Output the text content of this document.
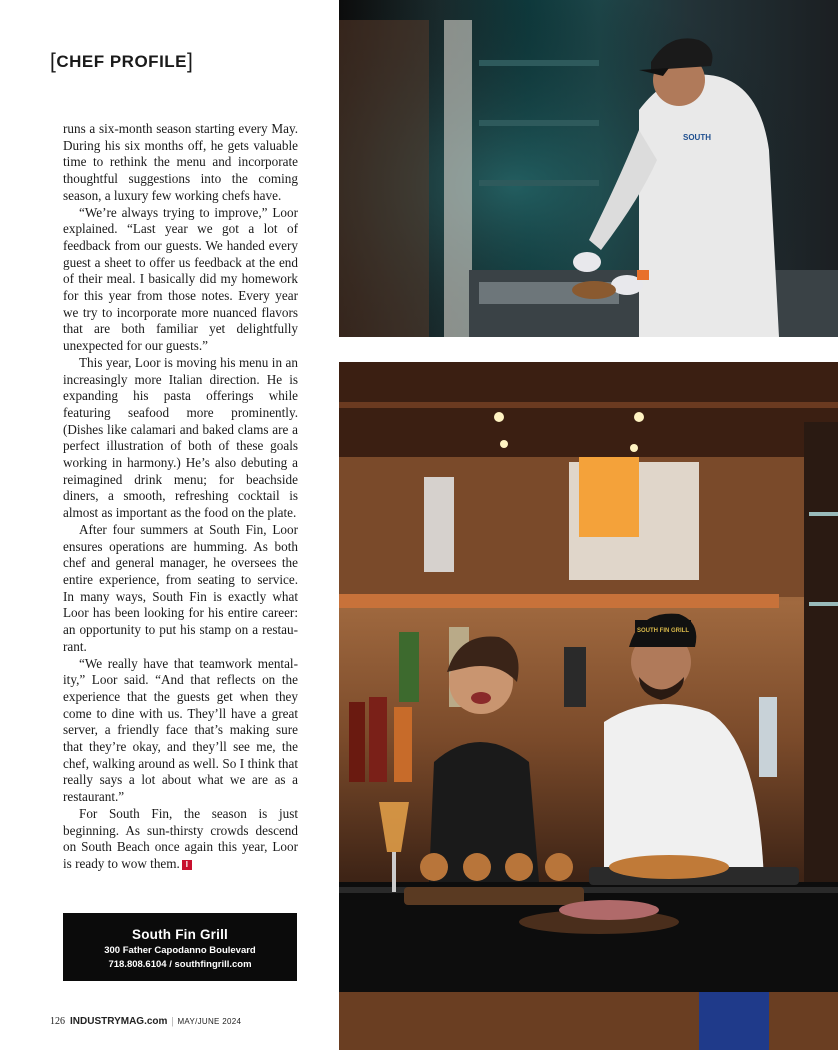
[CHEF PROFILE]

runs a six-month season starting every May. During his six months off, he gets valuable time to rethink the menu and incorporate thoughtful suggestions into the coming season, a luxury few working chefs have.

“We’re always trying to improve,” Loor explained. “Last year we got a lot of feedback from our guests. We handed every guest a sheet to offer us feedback at the end of their meal. I basically did my homework for this year from those notes. Every year we try to incorporate more nuanced flavors that are both familiar yet delightfully unexpected for our guests.”

This year, Loor is moving his menu in an increasingly more Italian direction. He is expanding his pasta offerings while featuring seafood more prominently. (Dishes like calamari and baked clams are a perfect illustration of both of these goals working in harmony.) He’s also debuting a reimagined drink menu; for beachside diners, a smooth, refreshing cocktail is almost as important as the food on the plate.

After four summers at South Fin, Loor ensures operations are humming. As both chef and general manager, he oversees the entire experience, from seating to service. In many ways, South Fin is exactly what Loor has been looking for his entire career: an opportunity to put his stamp on a restaurant.

“We really have that teamwork mentality,” Loor said. “And that reflects on the experience that the guests get when they come to dine with us. They’ll have a great server, a friendly face that’s making sure that they’re okay, and they’ll see me, the chef, walking around as well. So I think that really says a lot about what we are as a restaurant.”

For South Fin, the season is just beginning. As sun-thirsty crowds descend on South Beach once again this year, Loor is ready to wow them. I

South Fin Grill
300 Father Capodanno Boulevard
718.808.6104 / southfingrill.com
126 INDUSTRYMAG.com | MAY/JUNE 2024
SOUTH
SOUTH FIN GRILL
